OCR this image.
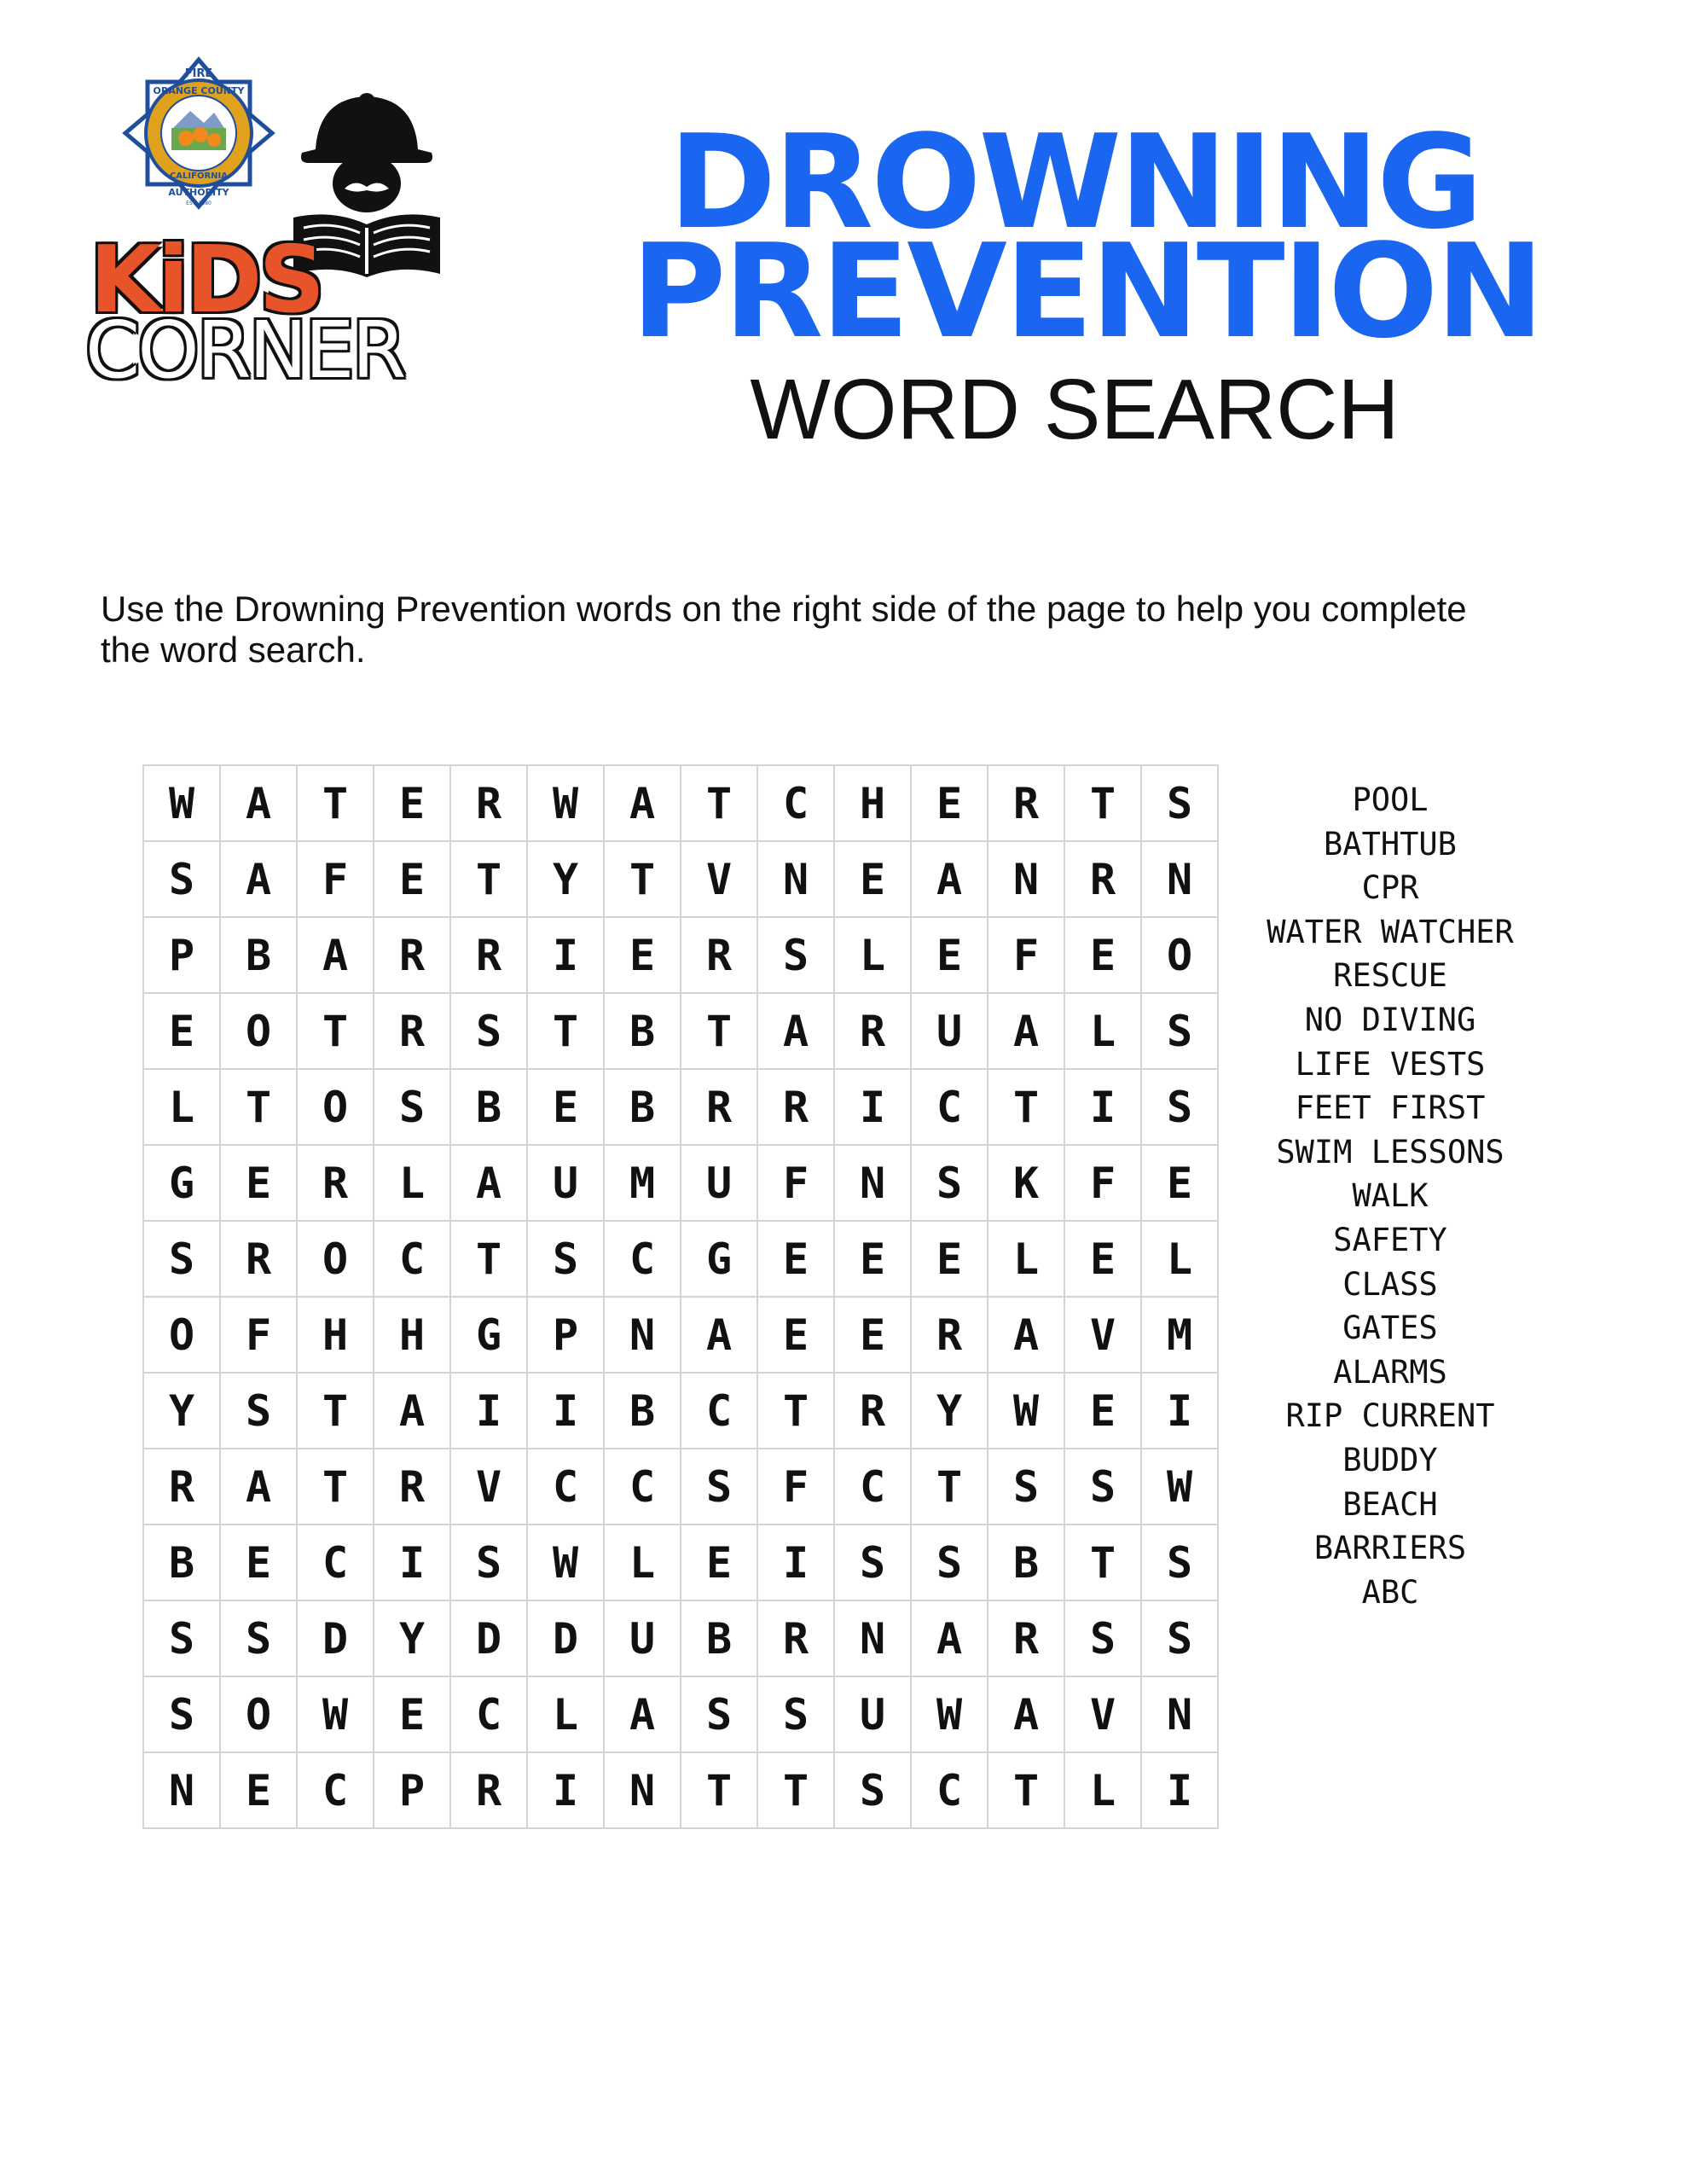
FIRE
ORANGE COUNTY
CALIFORNIA
AUTHORITY
EST. 1980
KiDS
CORNER
DROWNING
PREVENTION
WORD SEARCH
Use the Drowning Prevention words on the right side of the page to help you complete the word search.
W	A	T	E	R	W	A	T	C	H	E	R	T	S
S	A	F	E	T	Y	T	V	N	E	A	N	R	N
P	B	A	R	R	I	E	R	S	L	E	F	E	O
E	O	T	R	S	T	B	T	A	R	U	A	L	S
L	T	O	S	B	E	B	R	R	I	C	T	I	S
G	E	R	L	A	U	M	U	F	N	S	K	F	E
S	R	O	C	T	S	C	G	E	E	E	L	E	L
O	F	H	H	G	P	N	A	E	E	R	A	V	M
Y	S	T	A	I	I	B	C	T	R	Y	W	E	I
R	A	T	R	V	C	C	S	F	C	T	S	S	W
B	E	C	I	S	W	L	E	I	S	S	B	T	S
S	S	D	Y	D	D	U	B	R	N	A	R	S	S
S	O	W	E	C	L	A	S	S	U	W	A	V	N
N	E	C	P	R	I	N	T	T	S	C	T	L	I
POOL
BATHTUB
CPR
WATER WATCHER
RESCUE
NO DIVING
LIFE VESTS
FEET FIRST
SWIM LESSONS
WALK
SAFETY
CLASS
GATES
ALARMS
RIP CURRENT
BUDDY
BEACH
BARRIERS
ABC
